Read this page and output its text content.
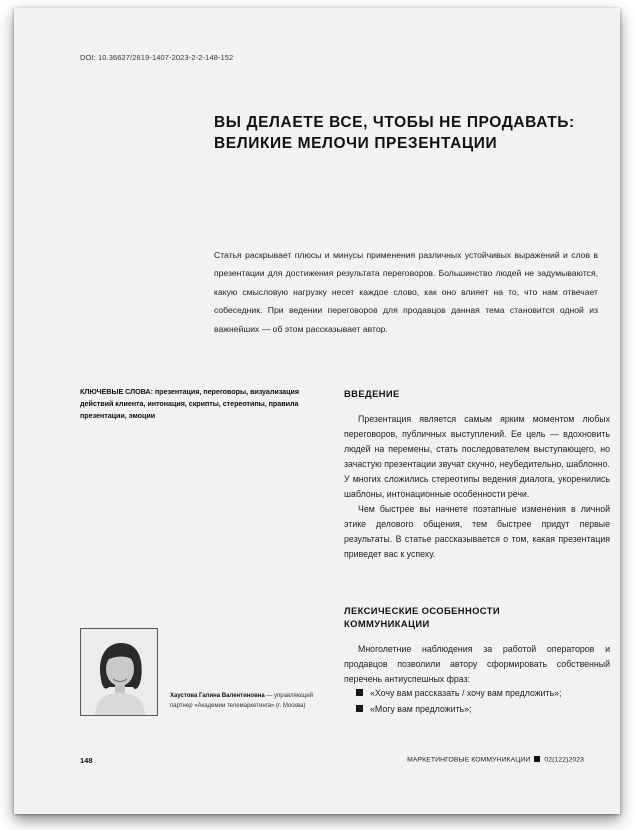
DOI: 10.36627/2619-1407-2023-2-2-148-152
ВЫ ДЕЛАЕТЕ ВСЕ, ЧТОБЫ НЕ ПРОДАВАТЬ:
ВЕЛИКИЕ МЕЛОЧИ ПРЕЗЕНТАЦИИ
Статья раскрывает плюсы и минусы применения различных устойчивых выражений и слов в презентации для достижения результата переговоров. Большинство людей не задумываются, какую смысловую нагрузку несет каждое слово, как оно влияет на то, что нам отвечает собеседник. При ведении переговоров для продавцов данная тема становится одной из важнейших — об этом рассказывает автор.
КЛЮЧЕВЫЕ СЛОВА: презентация, переговоры, визуализация действий клиента, интонация, скрипты, стереотипы, правила презентации, эмоции
ВВЕДЕНИЕ

Презентация является самым ярким моментом любых переговоров, публичных выступлений. Ее цель — вдохновить людей на перемены, стать последователем выступающего, но зачастую презентации звучат скучно, неубедительно, шаблонно. У многих сложились стереотипы ведения диалога, укоренились шаблоны, интонационные особенности речи.

Чем быстрее вы начнете поэтапные изменения в личной этике делового общения, тем быстрее придут первые результаты. В статье рассказывается о том, какая презентация приведет вас к успеху.

ЛЕКСИЧЕСКИЕ ОСОБЕННОСТИ
КОММУНИКАЦИИ

Многолетние наблюдения за работой операторов и продавцов позволили автору сформировать собственный перечень антиуспешных фраз:

«Хочу вам рассказать / хочу вам предложить»;
«Могу вам предложить»;
Хаустова Галина Валентиновна — управляющий партнер «Академии телемаркетинга» (г. Москва)
148	МАРКЕТИНГОВЫЕ КОММУНИКАЦИИ 02(122)2023
